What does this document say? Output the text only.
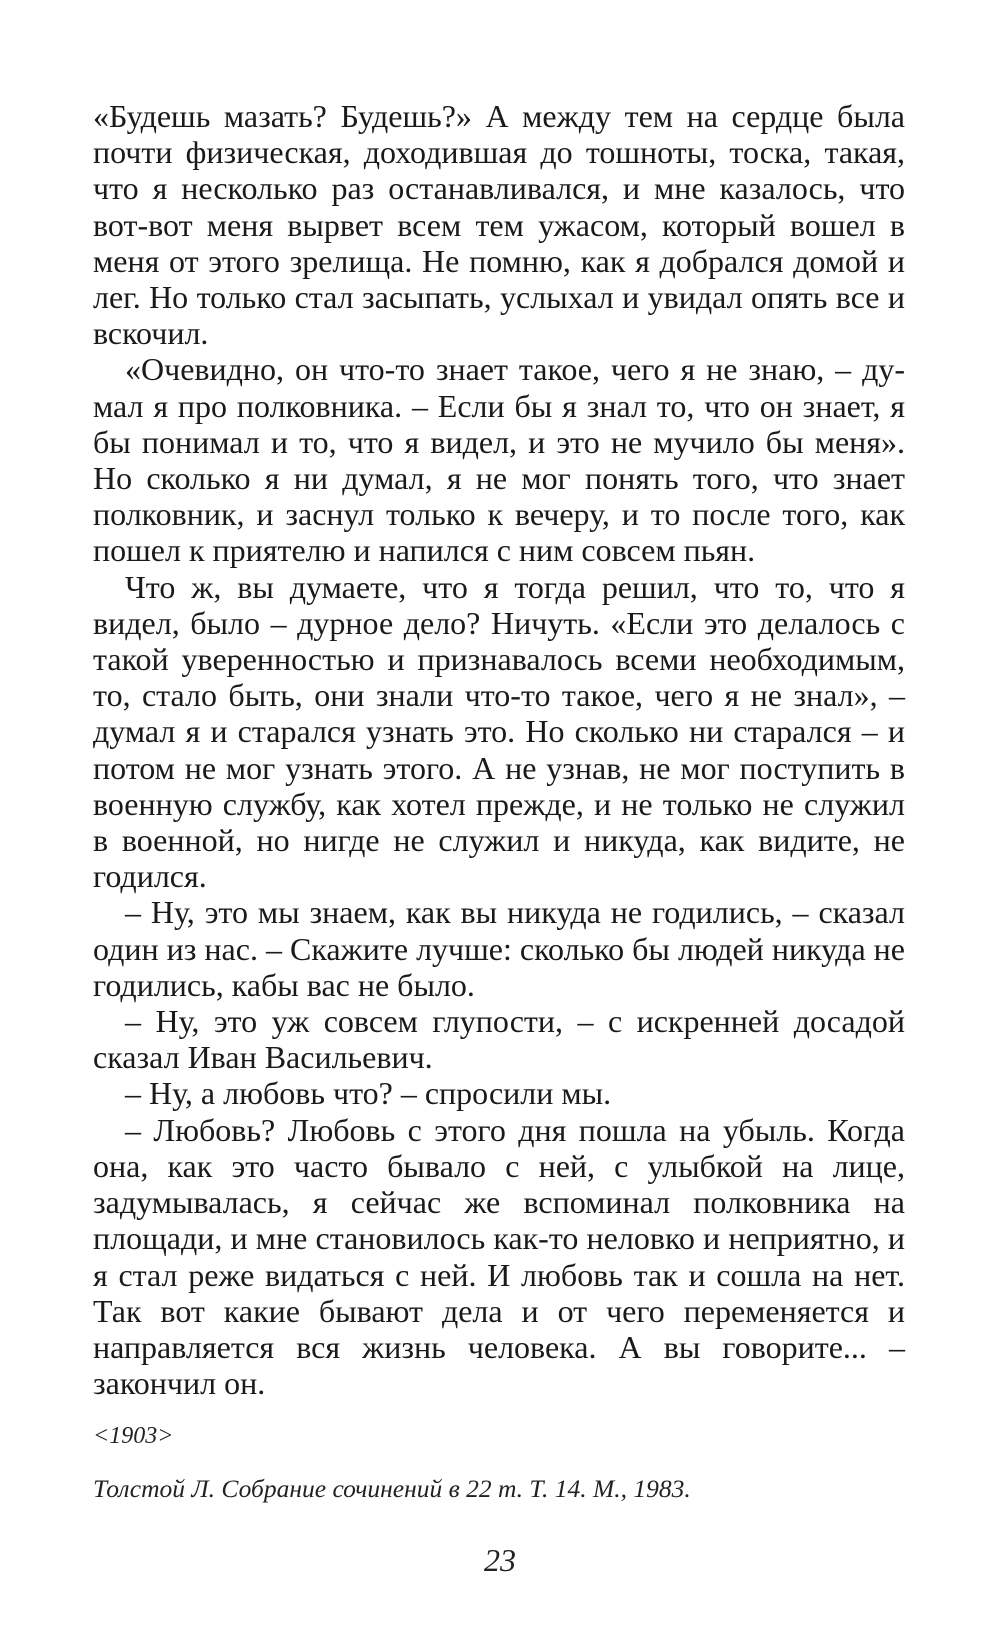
«Будешь мазать? Будешь?» А между тем на сердце была почти физическая, доходившая до тошноты, тоска, такая, что я несколько раз останавливался, и мне казалось, что вот-вот меня вырвет всем тем ужасом, который вошел в меня от этого зрелища. Не помню, как я добрался домой и лег. Но только стал засыпать, услыхал и увидал опять все и вскочил.

«Очевидно, он что-то знает такое, чего я не знаю, – думал я про полковника. – Если бы я знал то, что он знает, я бы понимал и то, что я видел, и это не мучило бы меня». Но сколько я ни думал, я не мог понять того, что знает полковник, и заснул только к вечеру, и то после того, как пошел к приятелю и напился с ним совсем пьян.

Что ж, вы думаете, что я тогда решил, что то, что я видел, было – дурное дело? Ничуть. «Если это делалось с такой уверенностью и признавалось всеми необходимым, то, стало быть, они знали что-то такое, чего я не знал», – думал я и старался узнать это. Но сколько ни старался – и потом не мог узнать этого. А не узнав, не мог поступить в военную службу, как хотел прежде, и не только не служил в военной, но нигде не служил и никуда, как видите, не годился.

– Ну, это мы знаем, как вы никуда не годились, – сказал один из нас. – Скажите лучше: сколько бы людей никуда не годились, кабы вас не было.

– Ну, это уж совсем глупости, – с искренней досадой сказал Иван Васильевич.

– Ну, а любовь что? – спросили мы.

– Любовь? Любовь с этого дня пошла на убыль. Когда она, как это часто бывало с ней, с улыбкой на лице, задумывалась, я сейчас же вспоминал полковника на площади, и мне становилось как-то неловко и неприятно, и я стал реже видаться с ней. И любовь так и сошла на нет. Так вот какие бывают дела и от чего переменяется и направляется вся жизнь человека. А вы говорите... – закончил он.

<1903>
Толстой Л. Собрание сочинений в 22 т. Т. 14. М., 1983.
23
